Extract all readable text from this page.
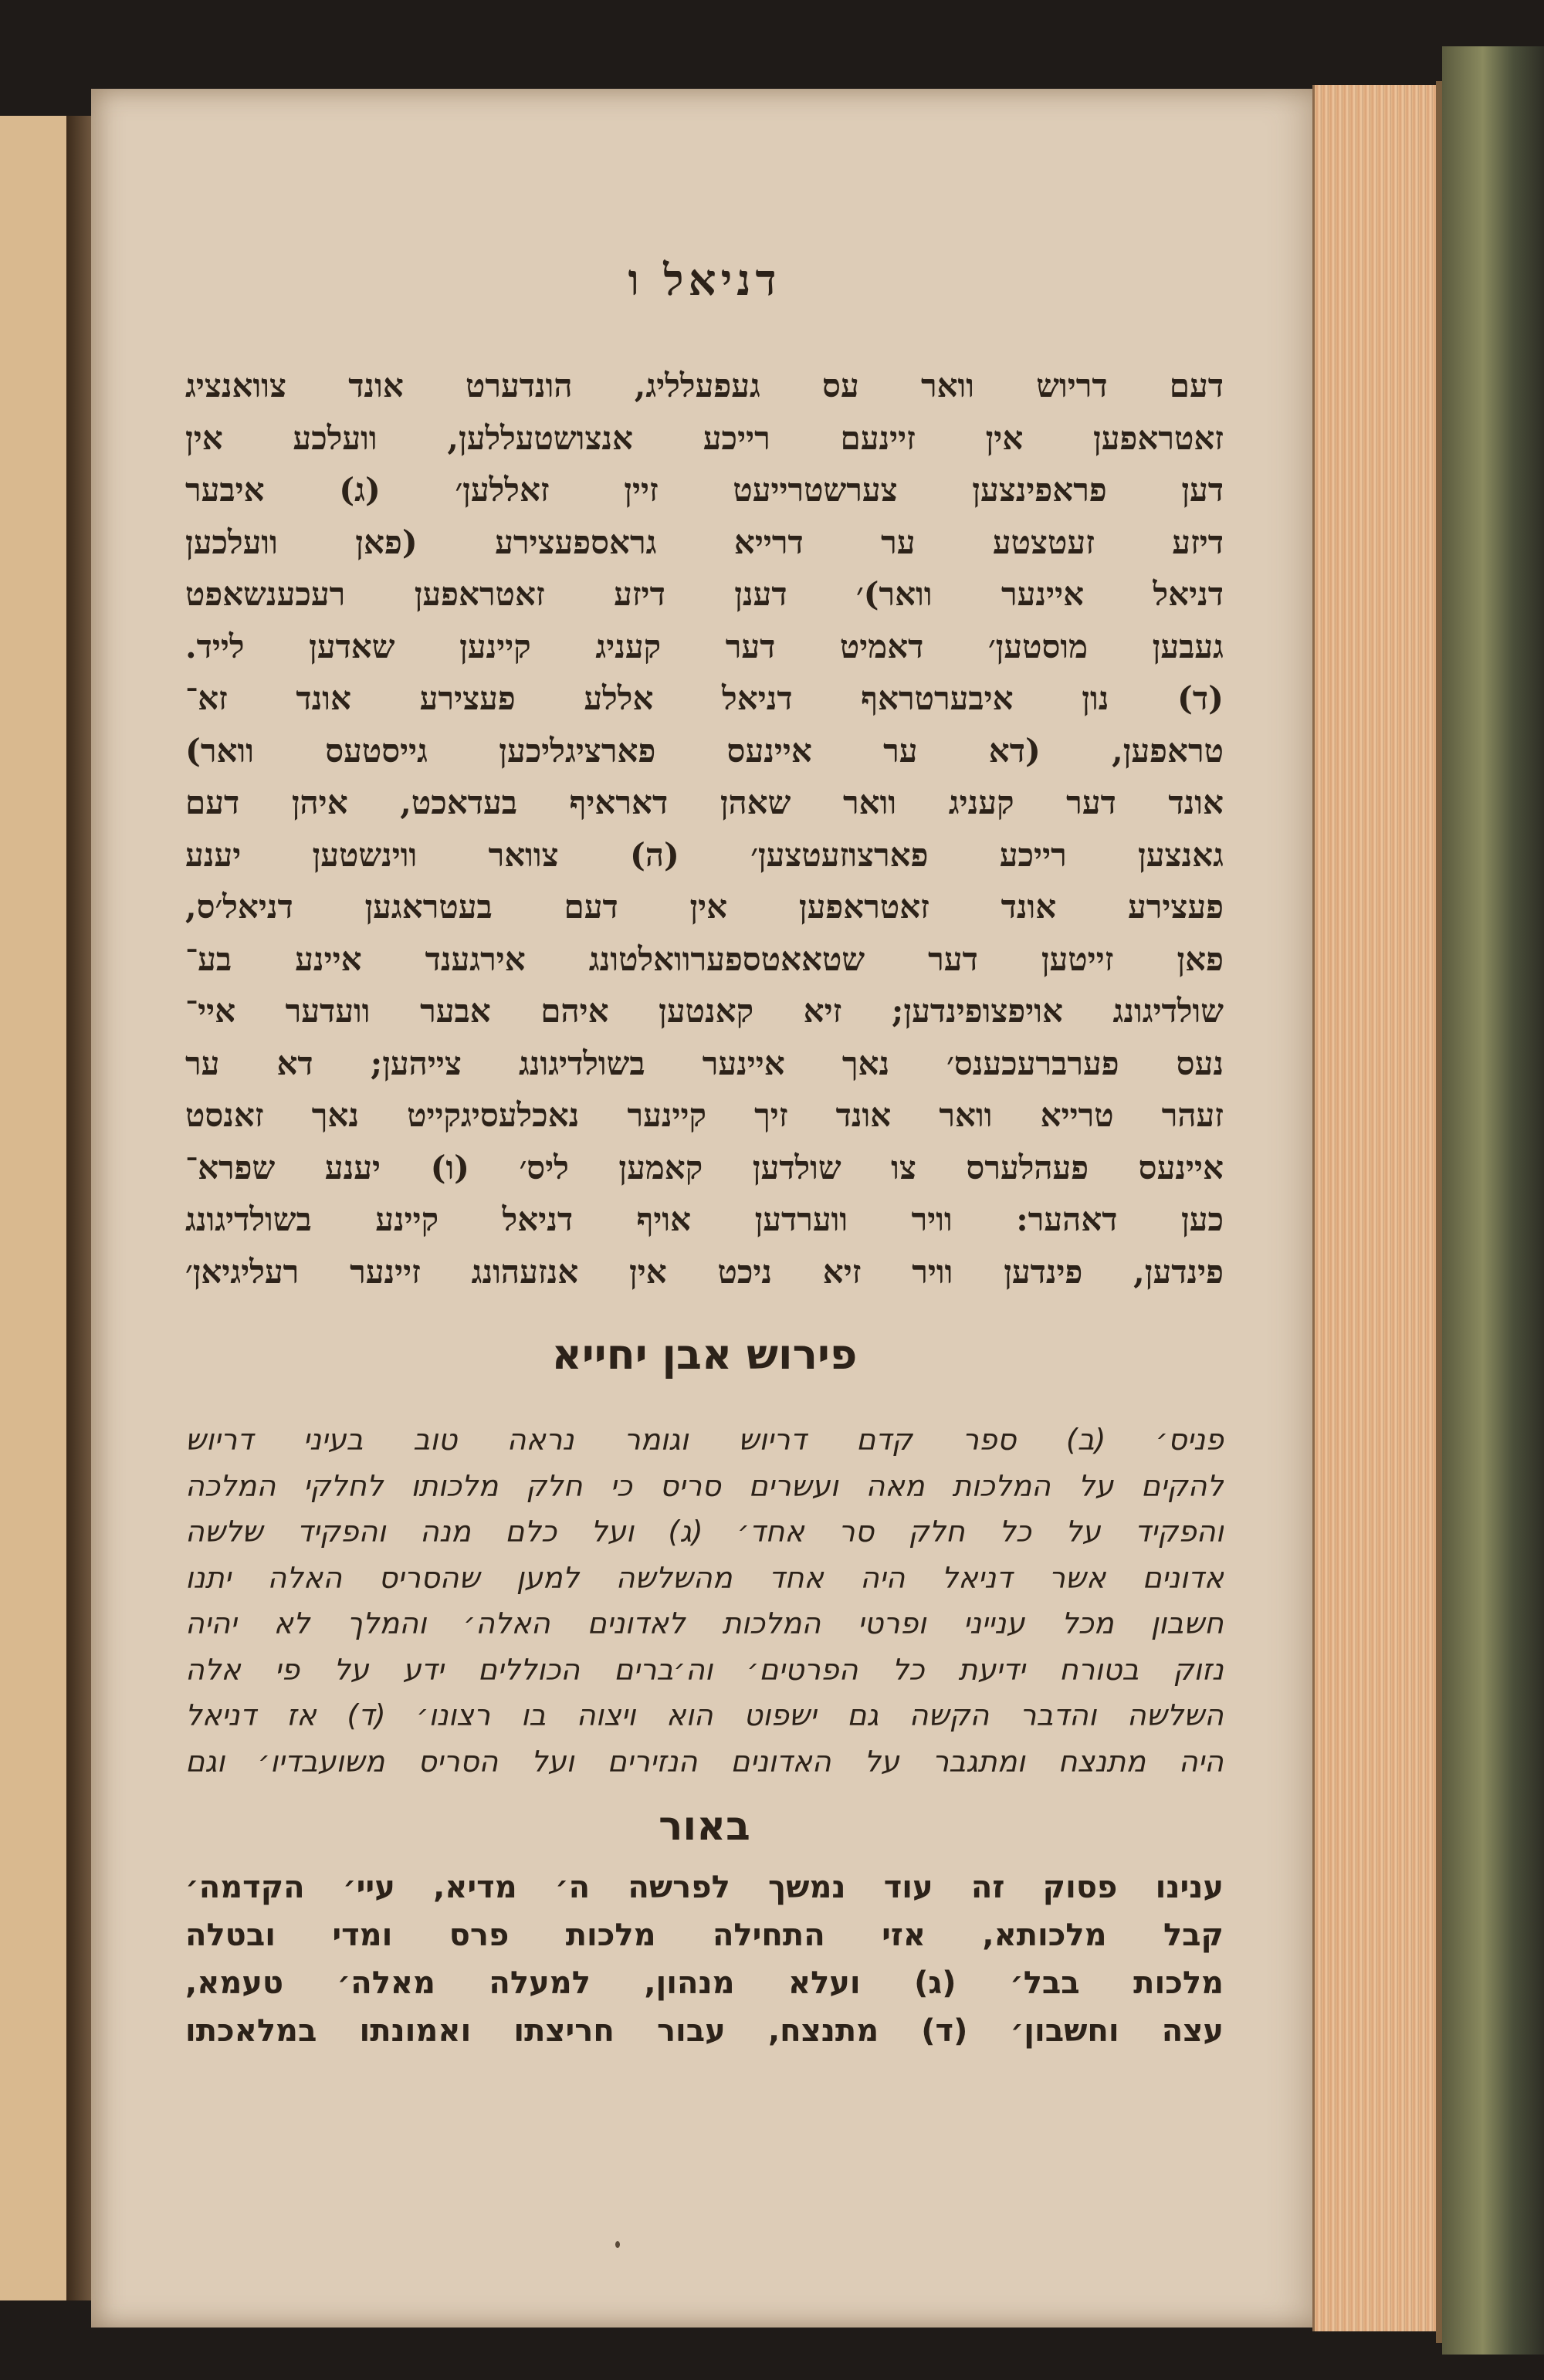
דניאל ו
דעם דריוש וואר עס געפעלליג, הונדערט אונד צוואנציג
זאטראפען אין זיינעם רייכע אנצושטעללען, וועלכע אין
דען פראפינצען צערשטרייעט זיין זאללען׳ (ג) איבער
דיזע זעטצטע ער דרייא גראספעצירע (פאן וועלכען
דניאל איינער וואר)׳ דענן דיזע זאטראפען רעכענשאפט
געבען מוסטען׳ דאמיט דער קעניג קיינען שאדען לייד.
(ד) נון איבערטראף דניאל אללע פעצירע אונד זא־
טראפען, (דא ער איינעס פארציגליכען גייסטעס וואר)
אונד דער קעניג וואר שאהן דאראיף בעדאכט, איהן דעם
גאנצען רייכע פארצוזעטצען׳ (ה) צוואר ווינשטען יענע
פעצירע אונד זאטראפען אין דעם בעטראגען דניאל׳ס,
פאן זייטען דער שטאאטספערוואלטונג אירגענד איינע בע־
שולדיגונג אויפצופינדען; זיא קאנטען איהם אבער וועדער איי־
נעס פערברעכענס׳ נאך איינער בשולדיגונג צייהען; דא ער
זעהר טרייא וואר אונד זיך קיינער נאכלעסיגקייט נאך זאנסט
איינעס פעהלערס צו שולדען קאמען ליס׳ (ו) יענע שפרא־
כען דאהער: וויר ווערדען אויף דניאל קיינע בשולדיגונג
פינדען, פינדען וויר זיא ניכט אין אנזעהונג זיינער רעליגיאן׳
פירוש אבן יחייא
פניס׳ (ב) ספר קדם דריוש וגומר נראה טוב בעיני דריוש
להקים על המלכות מאה ועשרים סריס כי חלק מלכותו לחלקי המלכה
והפקיד על כל חלק סר אחד׳ (ג) ועל כלם מנה והפקיד שלשה
אדונים אשר דניאל היה אחד מהשלשה למען שהסריס האלה יתנו
חשבון מכל ענייני ופרטי המלכות לאדונים האלה׳ והמלך לא יהיה
נזוק בטורח ידיעת כל הפרטים׳ וה׳ברים הכוללים ידע על פי אלה
השלשה והדבר הקשה גם ישפוט הוא ויצוה בו רצונו׳ (ד) אז דניאל
היה מתנצח ומתגבר על האדונים הנזירים ועל הסריס משועבדיו׳ וגם
באור
ענינו פסוק זה עוד נמשך לפרשה ה׳ מדיא, עיי׳ הקדמה׳
קבל מלכותא, אזי התחילה מלכות פרס ומדי ובטלה
מלכות בבל׳ (ג) ועלא מנהון, למעלה מאלה׳ טעמא,
עצה וחשבון׳ (ד) מתנצח, עבור חריצתו ואמונתו במלאכתו
